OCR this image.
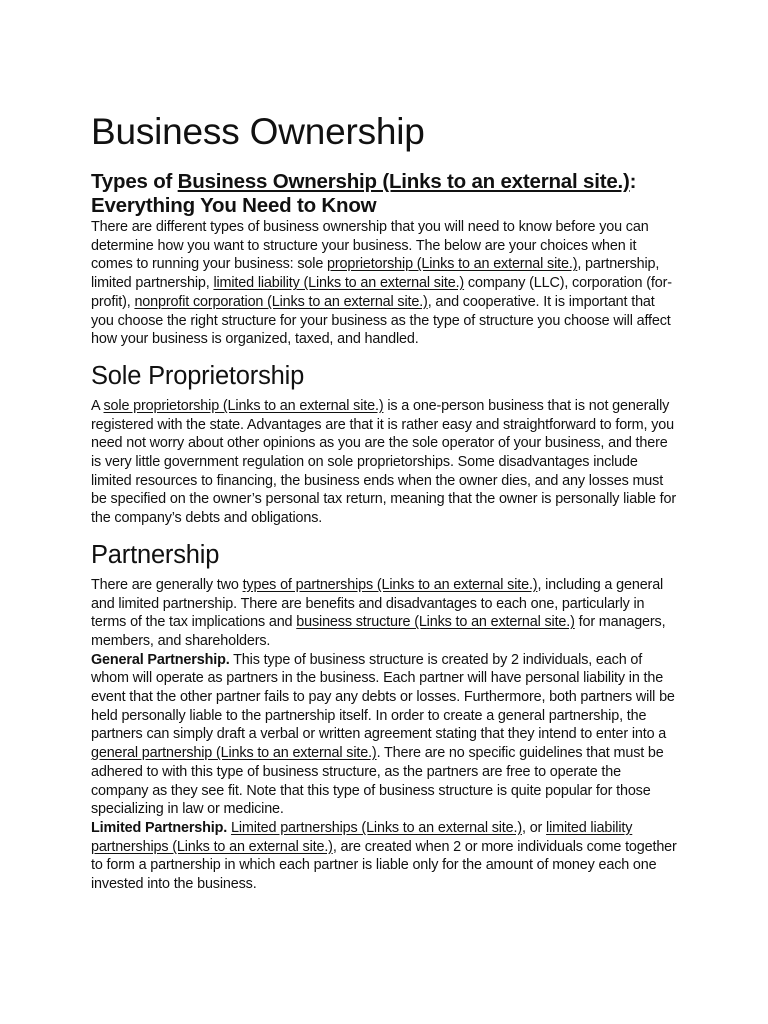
Business Ownership
Types of Business Ownership (Links to an external site.): Everything You Need to Know

There are different types of business ownership that you will need to know before you can determine how you want to structure your business. The below are your choices when it comes to running your business: sole proprietorship (Links to an external site.), partnership, limited partnership, limited liability (Links to an external site.) company (LLC), corporation (for-profit), nonprofit corporation (Links to an external site.), and cooperative. It is important that you choose the right structure for your business as the type of structure you choose will affect how your business is organized, taxed, and handled.

Sole Proprietorship

A sole proprietorship (Links to an external site.) is a one-person business that is not generally registered with the state. Advantages are that it is rather easy and straightforward to form, you need not worry about other opinions as you are the sole operator of your business, and there is very little government regulation on sole proprietorships. Some disadvantages include limited resources to financing, the business ends when the owner dies, and any losses must be specified on the owner’s personal tax return, meaning that the owner is personally liable for the company’s debts and obligations.

Partnership

There are generally two types of partnerships (Links to an external site.), including a general and limited partnership. There are benefits and disadvantages to each one, particularly in terms of the tax implications and business structure (Links to an external site.) for managers, members, and shareholders.

General Partnership. This type of business structure is created by 2 individuals, each of whom will operate as partners in the business. Each partner will have personal liability in the event that the other partner fails to pay any debts or losses. Furthermore, both partners will be held personally liable to the partnership itself. In order to create a general partnership, the partners can simply draft a verbal or written agreement stating that they intend to enter into a general partnership (Links to an external site.). There are no specific guidelines that must be adhered to with this type of business structure, as the partners are free to operate the company as they see fit. Note that this type of business structure is quite popular for those specializing in law or medicine.

Limited Partnership. Limited partnerships (Links to an external site.), or limited liability partnerships (Links to an external site.), are created when 2 or more individuals come together to form a partnership in which each partner is liable only for the amount of money each one invested into the business.
